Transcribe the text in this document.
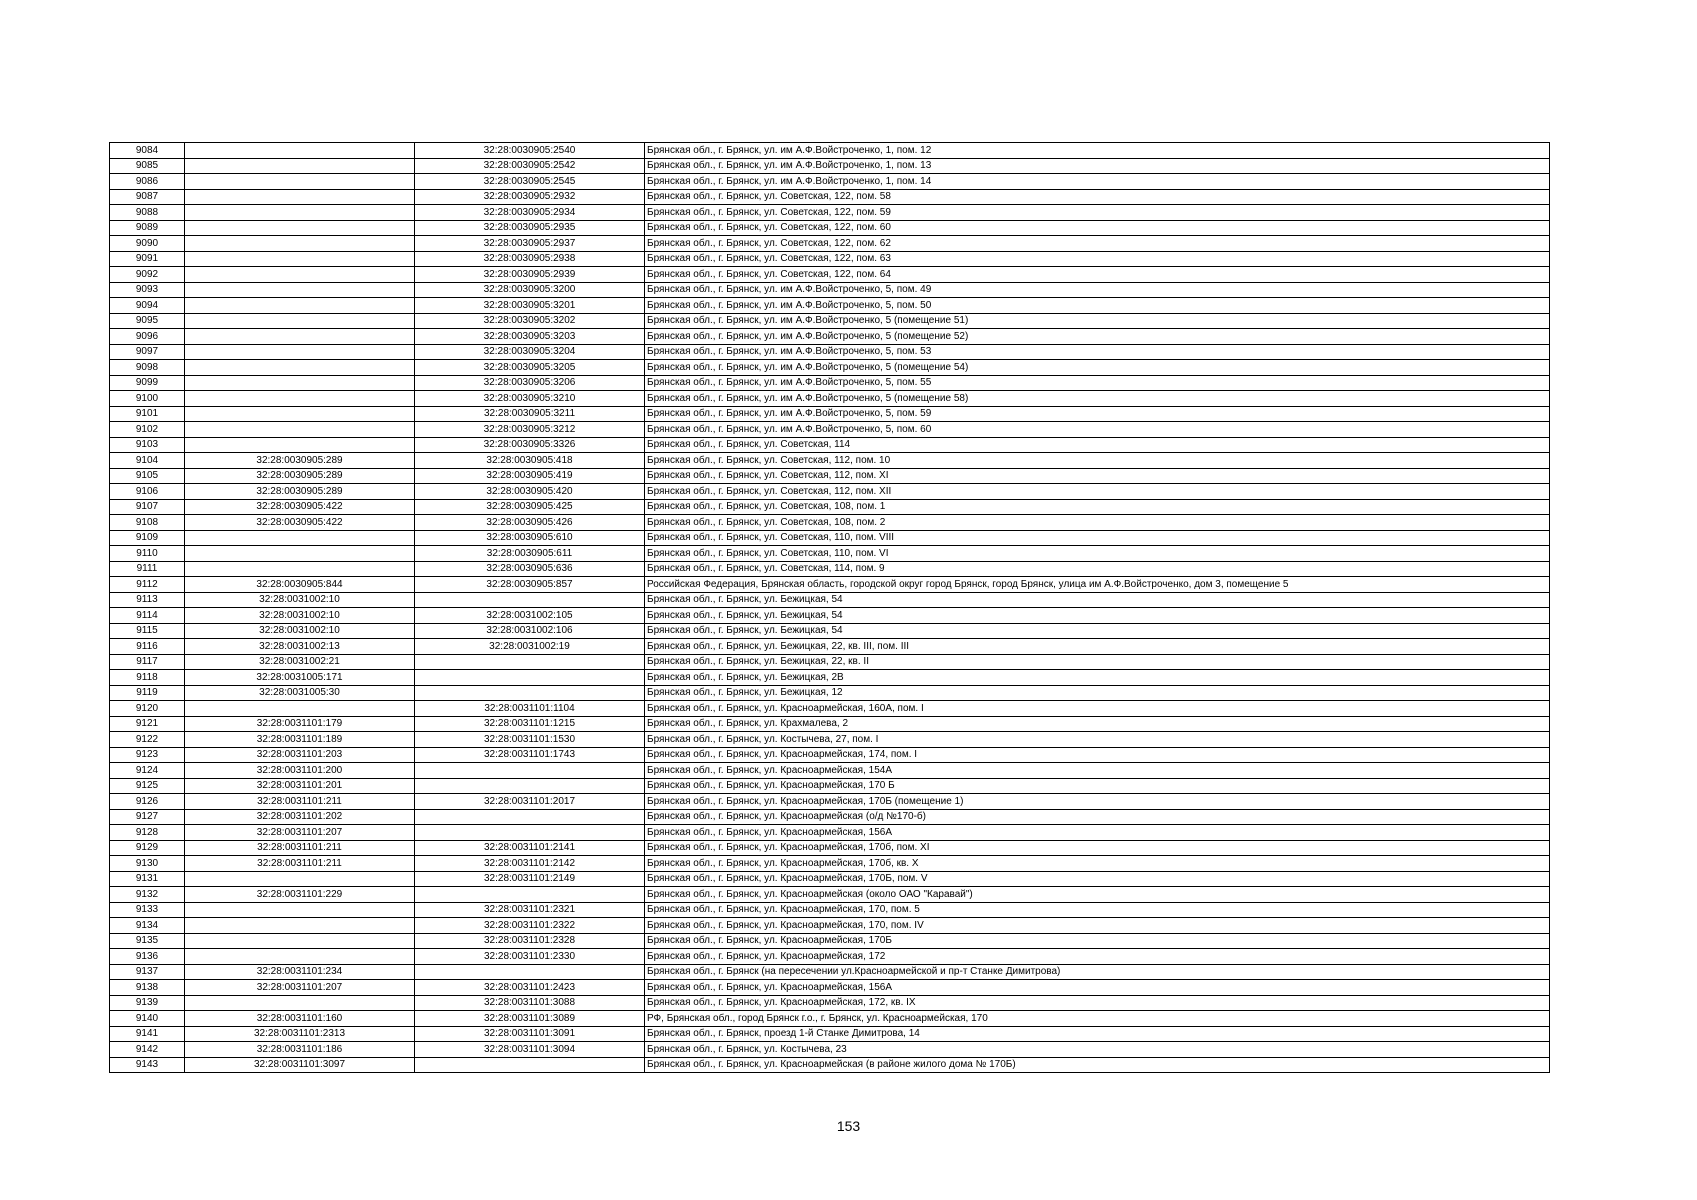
9084		32:28:0030905:2540	Брянская обл., г. Брянск, ул. им А.Ф.Войстроченко, 1, пом. 12
9085		32:28:0030905:2542	Брянская обл., г. Брянск, ул. им А.Ф.Войстроченко, 1, пом. 13
9086		32:28:0030905:2545	Брянская обл., г. Брянск, ул. им А.Ф.Войстроченко, 1, пом. 14
9087		32:28:0030905:2932	Брянская обл., г. Брянск, ул. Советская, 122, пом. 58
9088		32:28:0030905:2934	Брянская обл., г. Брянск, ул. Советская, 122, пом. 59
9089		32:28:0030905:2935	Брянская обл., г. Брянск, ул. Советская, 122, пом. 60
9090		32:28:0030905:2937	Брянская обл., г. Брянск, ул. Советская, 122, пом. 62
9091		32:28:0030905:2938	Брянская обл., г. Брянск, ул. Советская, 122, пом. 63
9092		32:28:0030905:2939	Брянская обл., г. Брянск, ул. Советская, 122, пом. 64
9093		32:28:0030905:3200	Брянская обл., г. Брянск, ул. им А.Ф.Войстроченко, 5, пом. 49
9094		32:28:0030905:3201	Брянская обл., г. Брянск, ул. им А.Ф.Войстроченко, 5, пом. 50
9095		32:28:0030905:3202	Брянская обл., г. Брянск, ул. им А.Ф.Войстроченко, 5 (помещение 51)
9096		32:28:0030905:3203	Брянская обл., г. Брянск, ул. им А.Ф.Войстроченко, 5 (помещение 52)
9097		32:28:0030905:3204	Брянская обл., г. Брянск, ул. им А.Ф.Войстроченко, 5, пом. 53
9098		32:28:0030905:3205	Брянская обл., г. Брянск, ул. им А.Ф.Войстроченко, 5 (помещение 54)
9099		32:28:0030905:3206	Брянская обл., г. Брянск, ул. им А.Ф.Войстроченко, 5, пом. 55
9100		32:28:0030905:3210	Брянская обл., г. Брянск, ул. им А.Ф.Войстроченко, 5 (помещение 58)
9101		32:28:0030905:3211	Брянская обл., г. Брянск, ул. им А.Ф.Войстроченко, 5, пом. 59
9102		32:28:0030905:3212	Брянская обл., г. Брянск, ул. им А.Ф.Войстроченко, 5, пом. 60
9103		32:28:0030905:3326	Брянская обл., г. Брянск, ул. Советская, 114
9104	32:28:0030905:289	32:28:0030905:418	Брянская обл., г. Брянск, ул. Советская, 112, пом. 10
9105	32:28:0030905:289	32:28:0030905:419	Брянская обл., г. Брянск, ул. Советская, 112, пом. XI
9106	32:28:0030905:289	32:28:0030905:420	Брянская обл., г. Брянск, ул. Советская, 112, пом. XII
9107	32:28:0030905:422	32:28:0030905:425	Брянская обл., г. Брянск, ул. Советская, 108, пом. 1
9108	32:28:0030905:422	32:28:0030905:426	Брянская обл., г. Брянск, ул. Советская, 108, пом. 2
9109		32:28:0030905:610	Брянская обл., г. Брянск, ул. Советская, 110, пом. VIII
9110		32:28:0030905:611	Брянская обл., г. Брянск, ул. Советская, 110, пом. VI
9111		32:28:0030905:636	Брянская обл., г. Брянск, ул. Советская, 114, пом. 9
9112	32:28:0030905:844	32:28:0030905:857	Российская Федерация, Брянская область, городской округ город Брянск, город Брянск, улица им А.Ф.Войстроченко, дом 3, помещение 5
9113	32:28:0031002:10		Брянская обл., г. Брянск, ул. Бежицкая, 54
9114	32:28:0031002:10	32:28:0031002:105	Брянская обл., г. Брянск, ул. Бежицкая, 54
9115	32:28:0031002:10	32:28:0031002:106	Брянская обл., г. Брянск, ул. Бежицкая, 54
9116	32:28:0031002:13	32:28:0031002:19	Брянская обл., г. Брянск, ул. Бежицкая, 22, кв. III, пом. III
9117	32:28:0031002:21		Брянская обл., г. Брянск, ул. Бежицкая, 22, кв. II
9118	32:28:0031005:171		Брянская обл., г. Брянск, ул. Бежицкая, 2В
9119	32:28:0031005:30		Брянская обл., г. Брянск, ул. Бежицкая, 12
9120		32:28:0031101:1104	Брянская обл., г. Брянск, ул. Красноармейская, 160А, пом. I
9121	32:28:0031101:179	32:28:0031101:1215	Брянская обл., г. Брянск, ул. Крахмалева, 2
9122	32:28:0031101:189	32:28:0031101:1530	Брянская обл., г. Брянск, ул. Костычева, 27, пом. I
9123	32:28:0031101:203	32:28:0031101:1743	Брянская обл., г. Брянск, ул. Красноармейская, 174, пом. I
9124	32:28:0031101:200		Брянская обл., г. Брянск, ул. Красноармейская, 154А
9125	32:28:0031101:201		Брянская обл., г. Брянск, ул. Красноармейская, 170 Б
9126	32:28:0031101:211	32:28:0031101:2017	Брянская обл., г. Брянск, ул. Красноармейская, 170Б (помещение 1)
9127	32:28:0031101:202		Брянская обл., г. Брянск, ул. Красноармейская (о/д №170-б)
9128	32:28:0031101:207		Брянская обл., г. Брянск, ул. Красноармейская, 156А
9129	32:28:0031101:211	32:28:0031101:2141	Брянская обл., г. Брянск, ул. Красноармейская, 170б, пом. XI
9130	32:28:0031101:211	32:28:0031101:2142	Брянская обл., г. Брянск, ул. Красноармейская, 170б, кв. X
9131		32:28:0031101:2149	Брянская обл., г. Брянск, ул. Красноармейская, 170Б, пом. V
9132	32:28:0031101:229		Брянская обл., г. Брянск, ул. Красноармейская (около ОАО "Каравай")
9133		32:28:0031101:2321	Брянская обл., г. Брянск, ул. Красноармейская, 170, пом. 5
9134		32:28:0031101:2322	Брянская обл., г. Брянск, ул. Красноармейская, 170, пом. IV
9135		32:28:0031101:2328	Брянская обл., г. Брянск, ул. Красноармейская, 170Б
9136		32:28:0031101:2330	Брянская обл., г. Брянск, ул. Красноармейская, 172
9137	32:28:0031101:234		Брянская обл., г. Брянск (на пересечении ул.Красноармейской и пр-т Станке Димитрова)
9138	32:28:0031101:207	32:28:0031101:2423	Брянская обл., г. Брянск, ул. Красноармейская, 156А
9139		32:28:0031101:3088	Брянская обл., г. Брянск, ул. Красноармейская, 172, кв. IX
9140	32:28:0031101:160	32:28:0031101:3089	РФ, Брянская обл., город Брянск г.о., г. Брянск, ул. Красноармейская, 170
9141	32:28:0031101:2313	32:28:0031101:3091	Брянская обл., г. Брянск, проезд 1-й Станке Димитрова, 14
9142	32:28:0031101:186	32:28:0031101:3094	Брянская обл., г. Брянск, ул. Костычева, 23
9143	32:28:0031101:3097		Брянская обл., г. Брянск, ул. Красноармейская (в районе жилого дома № 170Б)
153
